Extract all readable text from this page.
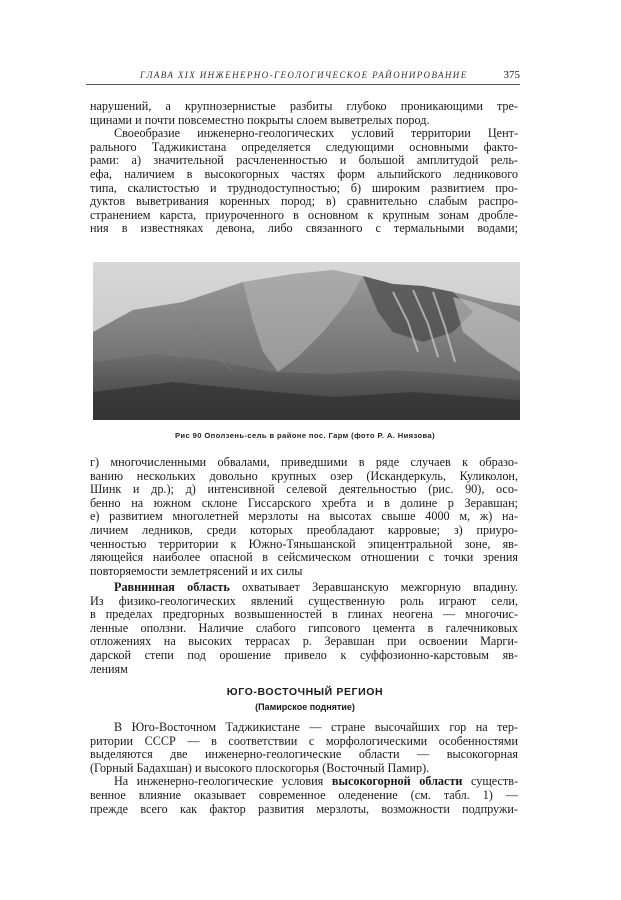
ГЛАВА XIX ИНЖЕНЕРНО-ГЕОЛОГИЧЕСКОЕ РАЙОНИРОВАНИЕ	375
нарушений, а крупнозернистые разбиты глубоко проникающими тре-
щинами и почти повсеместно покрыты слоем выветрелых пород.
Своеобразие инженерно-геологических условий территории Цент-
рального Таджикистана определяется следующими основными факто-
рами: а) значительной расчлененностью и большой амплитудой рель-
ефа, наличием в высокогорных частях форм альпийского ледникового
типа, скалистостью и труднодоступностью; б) широким развитием про-
дуктов выветривания коренных пород; в) сравнительно слабым распро-
странением карста, приуроченного в основном к крупным зонам дробле-
ния в известняках девона, либо связанного с термальными водами;
Рис 90 Оползень-сель в районе пос. Гарм (фото Р. А. Ниязова)
г) многочисленными обвалами, приведшими в ряде случаев к образо-
ванию нескольких довольно крупных озер (Искандеркуль, Куликолон,
Шинк и др.); д) интенсивной селевой деятельностью (рис. 90), осо-
бенно на южном склоне Гиссарского хребта и в долине р Зеравшан;
е) развитием многолетней мерзлоты на высотах свыше 4000 м, ж) на-
личием ледников, среди которых преобладают карровые; з) приуро-
ченностью территории к Южно-Тяньшанской эпицентральной зоне, яв-
ляющейся наиболее опасной в сейсмическом отношении с точки зрения
повторяемости землетрясений и их силы
Равнинная область охватывает Зеравшанскую межгорную впадину.
Из физико-геологических явлений существенную роль играют сели,
в пределах предгорных возвышенностей в глинах неогена — многочис-
ленные оползни. Наличие слабого гипсового цемента в галечниковых
отложениях на высоких террасах р. Зеравшан при освоении Марги-
дарской степи под орошение привело к суффозионно-карстовым яв-
лениям
ЮГО-ВОСТОЧНЫЙ РЕГИОН
(Памирское поднятие)
В Юго-Восточном Таджикистане — стране высочайших гор на тер-
ритории СССР — в соответствии с морфологическими особенностями
выделяются две инженерно-геологические области — высокогорная
(Горный Бадахшан) и высокого плоскогорья (Восточный Памир).
На инженерно-геологические условия высокогорной области существ-
венное влияние оказывает современное оледенение (см. табл. 1) —
прежде всего как фактор развития мерзлоты, возможности подпружи-
